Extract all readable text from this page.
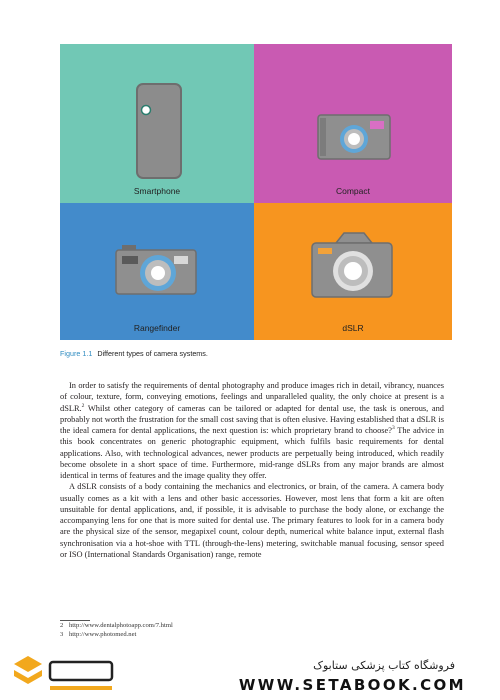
Smartphone	Compact
Rangefinder	dSLR
Figure 1.1 Different types of camera systems.

In order to satisfy the requirements of dental photography and produce images rich in detail, vibrancy, nuances of colour, texture, form, conveying emotions, feelings and unparalleled quality, the only choice at present is a dSLR.$^2$ Whilst other category of cameras can be tailored or adapted for dental use, the task is onerous, and probably not worth the frustration for the small cost saving that is often elusive. Having established that a dSLR is the ideal camera for dental applications, the next question is: which proprietary brand to choose?$^3$ The advice in this book concentrates on generic photographic equipment, which fulfils basic requirements for dental applications. Also, with technological advances, newer products are perpetually being introduced, which readily become obsolete in a short space of time. Furthermore, mid-range dSLRs from any major brands are almost identical in terms of features and the image quality they offer.

A dSLR consists of a body containing the mechanics and electronics, or brain, of the camera. A camera body usually comes as a kit with a lens and other basic accessories. However, most lens that form a kit are often unsuitable for dental applications, and, if possible, it is advisable to purchase the body alone, or exchange the accompanying lens for one that is more suited for dental use. The primary features to look for in a camera body are the physical size of the sensor, megapixel count, colour depth, numerical white balance input, external flash synchronisation via a hot-shoe with TTL (through-the-lens) metering, switchable manual focusing, sensor speed or ISO (International Standards Organisation) range, remote

2 http://www.dentalphotoapp.com/7.html
3 http://www.photomed.net
فروشگاه کتاب پزشکی ستابوک
WWW.SETABOOK.COM
